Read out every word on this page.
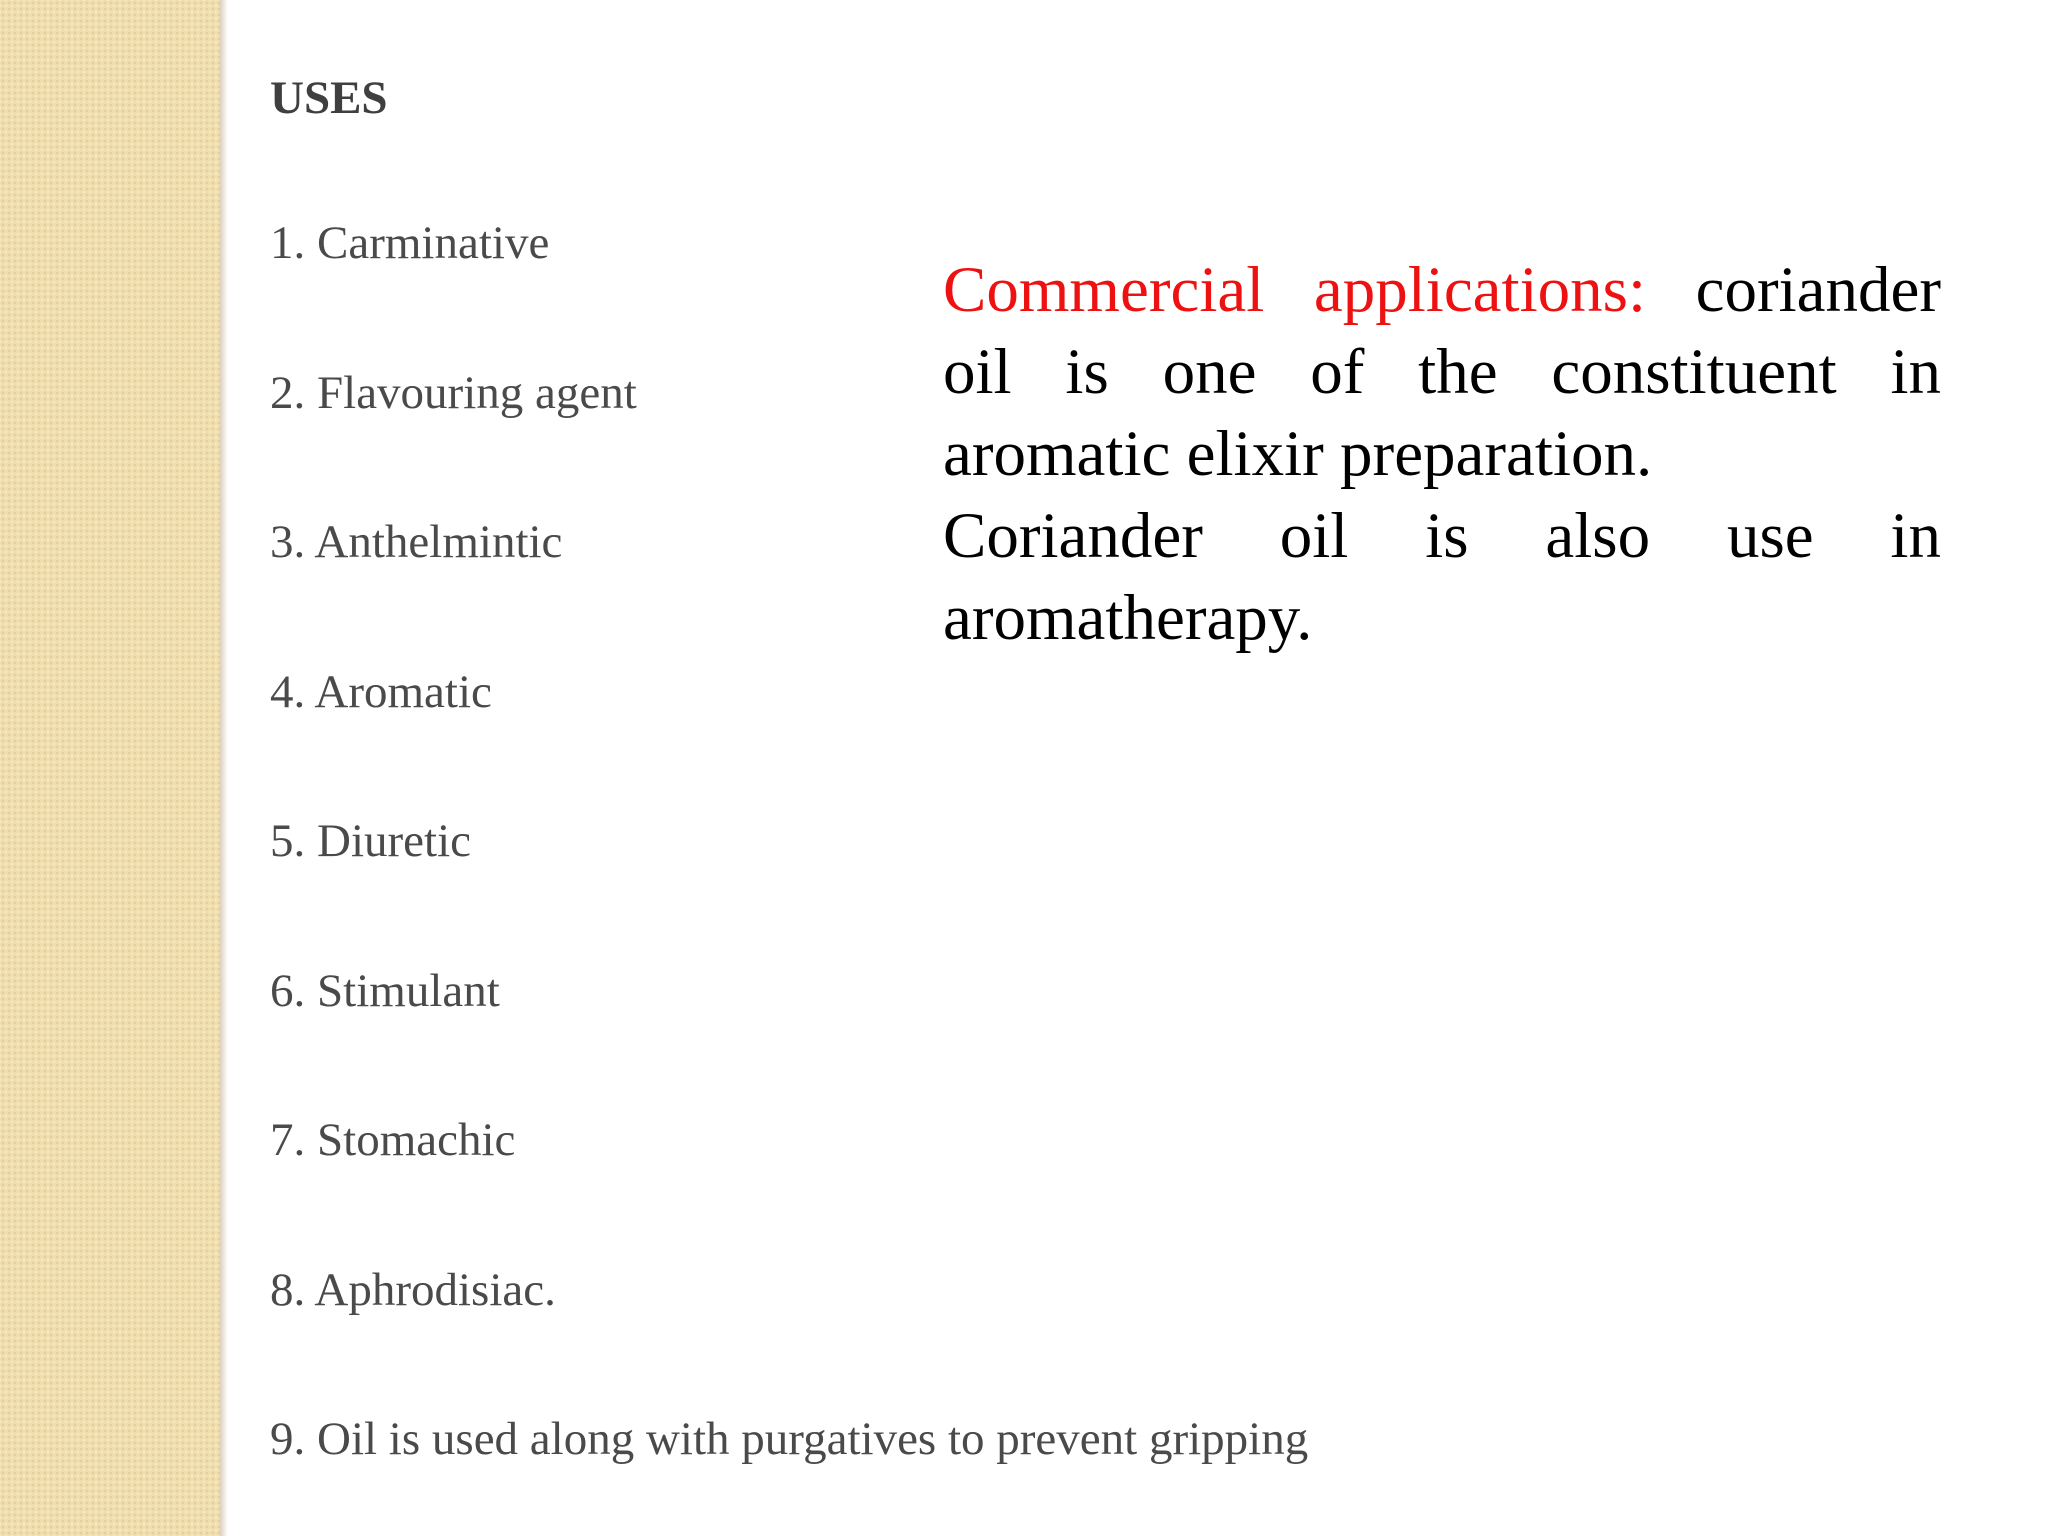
USES
1. Carminative
2. Flavouring agent
3. Anthelmintic
4. Aromatic
5. Diuretic
6. Stimulant
7. Stomachic
8. Aphrodisiac.
9. Oil is used along with purgatives to prevent gripping

Commercial applications: coriander oil is one of the constituent in aromatic elixir preparation.

Coriander oil is also use in aromatherapy.
